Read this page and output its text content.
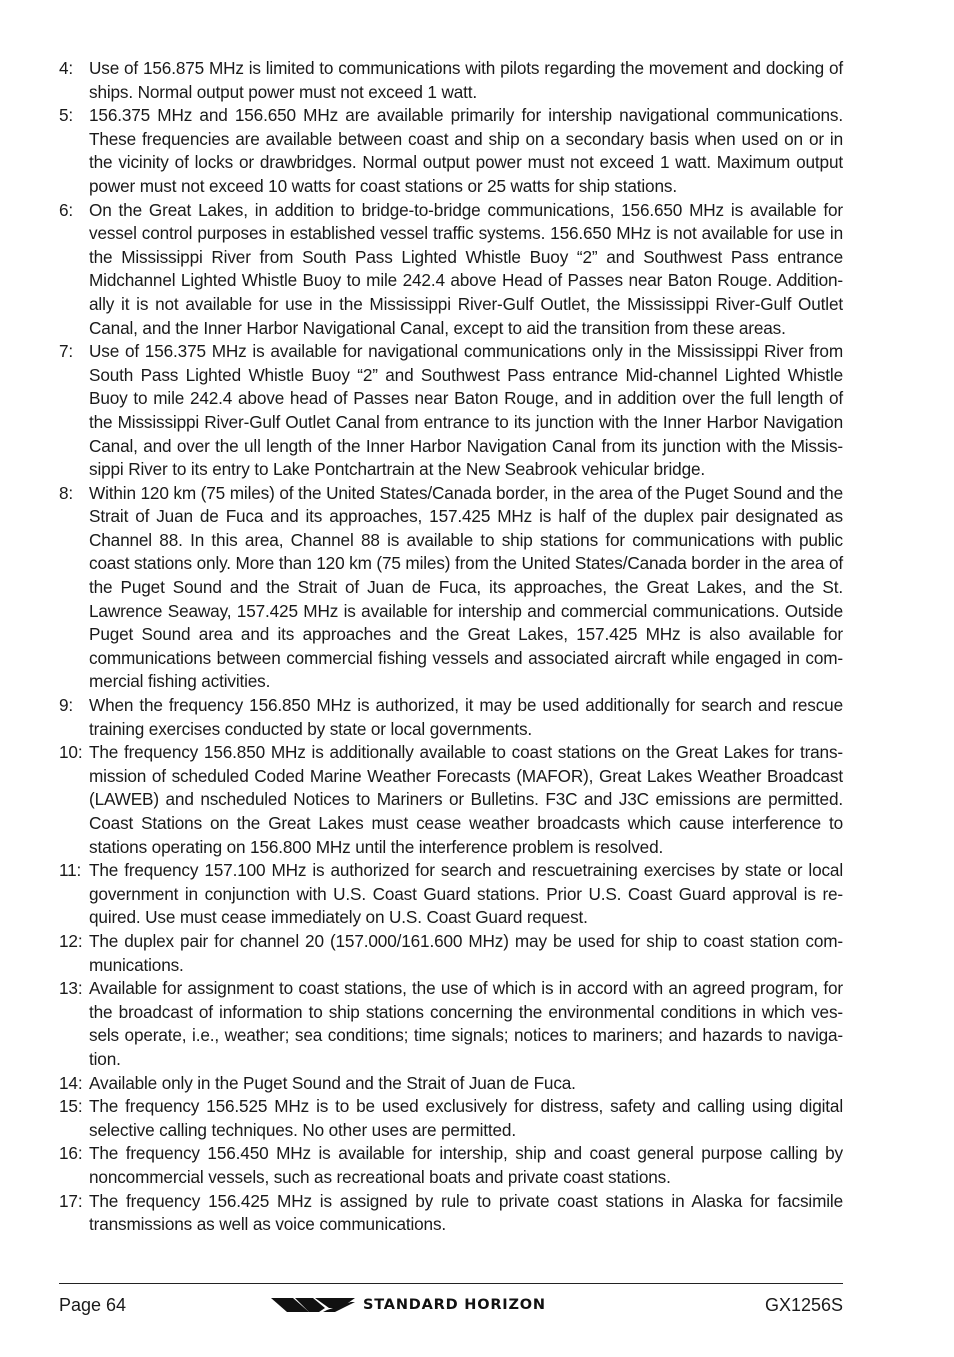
4: Use of 156.875 MHz is limited to communications with pilots regarding the movement and docking of ships. Normal output power must not exceed 1 watt.
5: 156.375 MHz and 156.650 MHz are available primarily for intership navigational communications. These frequencies are available between coast and ship on a secondary basis when used on or in the vicinity of locks or drawbridges. Normal output power must not exceed 1 watt. Maximum output power must not exceed 10 watts for coast stations or 25 watts for ship stations.
6: On the Great Lakes, in addition to bridge-to-bridge communications, 156.650 MHz is available for vessel control purposes in established vessel traffic systems. 156.650 MHz is not available for use in the Mississippi River from South Pass Lighted Whistle Buoy “2” and Southwest Pass entrance Midchannel Lighted Whistle Buoy to mile 242.4 above Head of Passes near Baton Rouge. Addition-ally it is not available for use in the Mississippi River-Gulf Outlet, the Mississippi River-Gulf Outlet Canal, and the Inner Harbor Navigational Canal, except to aid the transition from these areas.
7: Use of 156.375 MHz is available for navigational communications only in the Mississippi River from South Pass Lighted Whistle Buoy “2” and Southwest Pass entrance Mid-channel Lighted Whistle Buoy to mile 242.4 above head of Passes near Baton Rouge, and in addition over the full length of the Mississippi River-Gulf Outlet Canal from entrance to its junction with the Inner Harbor Navigation Canal, and over the ull length of the Inner Harbor Navigation Canal from its junction with the Missis-sippi River to its entry to Lake Pontchartrain at the New Seabrook vehicular bridge.
8: Within 120 km (75 miles) of the United States/Canada border, in the area of the Puget Sound and the Strait of Juan de Fuca and its approaches, 157.425 MHz is half of the duplex pair designated as Channel 88. In this area, Channel 88 is available to ship stations for communications with public coast stations only. More than 120 km (75 miles) from the United States/Canada border in the area of the Puget Sound and the Strait of Juan de Fuca, its approaches, the Great Lakes, and the St. Lawrence Seaway, 157.425 MHz is available for intership and commercial communications. Outside Puget Sound area and its approaches and the Great Lakes, 157.425 MHz is also available for communications between commercial fishing vessels and associated aircraft while engaged in com-mercial fishing activities.
9: When the frequency 156.850 MHz is authorized, it may be used additionally for search and rescue training exercises conducted by state or local governments.
10: The frequency 156.850 MHz is additionally available to coast stations on the Great Lakes for trans-mission of scheduled Coded Marine Weather Forecasts (MAFOR), Great Lakes Weather Broadcast (LAWEB) and nscheduled Notices to Mariners or Bulletins. F3C and J3C emissions are permitted. Coast Stations on the Great Lakes must cease weather broadcasts which cause interference to stations operating on 156.800 MHz until the interference problem is resolved.
11: The frequency 157.100 MHz is authorized for search and rescuetraining exercises by state or local government in conjunction with U.S. Coast Guard stations. Prior U.S. Coast Guard approval is re-quired. Use must cease immediately on U.S. Coast Guard request.
12: The duplex pair for channel 20 (157.000/161.600 MHz) may be used for ship to coast station com-munications.
13: Available for assignment to coast stations, the use of which is in accord with an agreed program, for the broadcast of information to ship stations concerning the environmental conditions in which ves-sels operate, i.e., weather; sea conditions; time signals; notices to mariners; and hazards to naviga-tion.
14: Available only in the Puget Sound and the Strait of Juan de Fuca.
15: The frequency 156.525 MHz is to be used exclusively for distress, safety and calling using digital selective calling techniques. No other uses are permitted.
16: The frequency 156.450 MHz is available for intership, ship and coast general purpose calling by noncommercial vessels, such as recreational boats and private coast stations.
17: The frequency 156.425 MHz is assigned by rule to private coast stations in Alaska for facsimile transmissions as well as voice communications.
Page 64	STANDARD HORIZON	GX1256S
